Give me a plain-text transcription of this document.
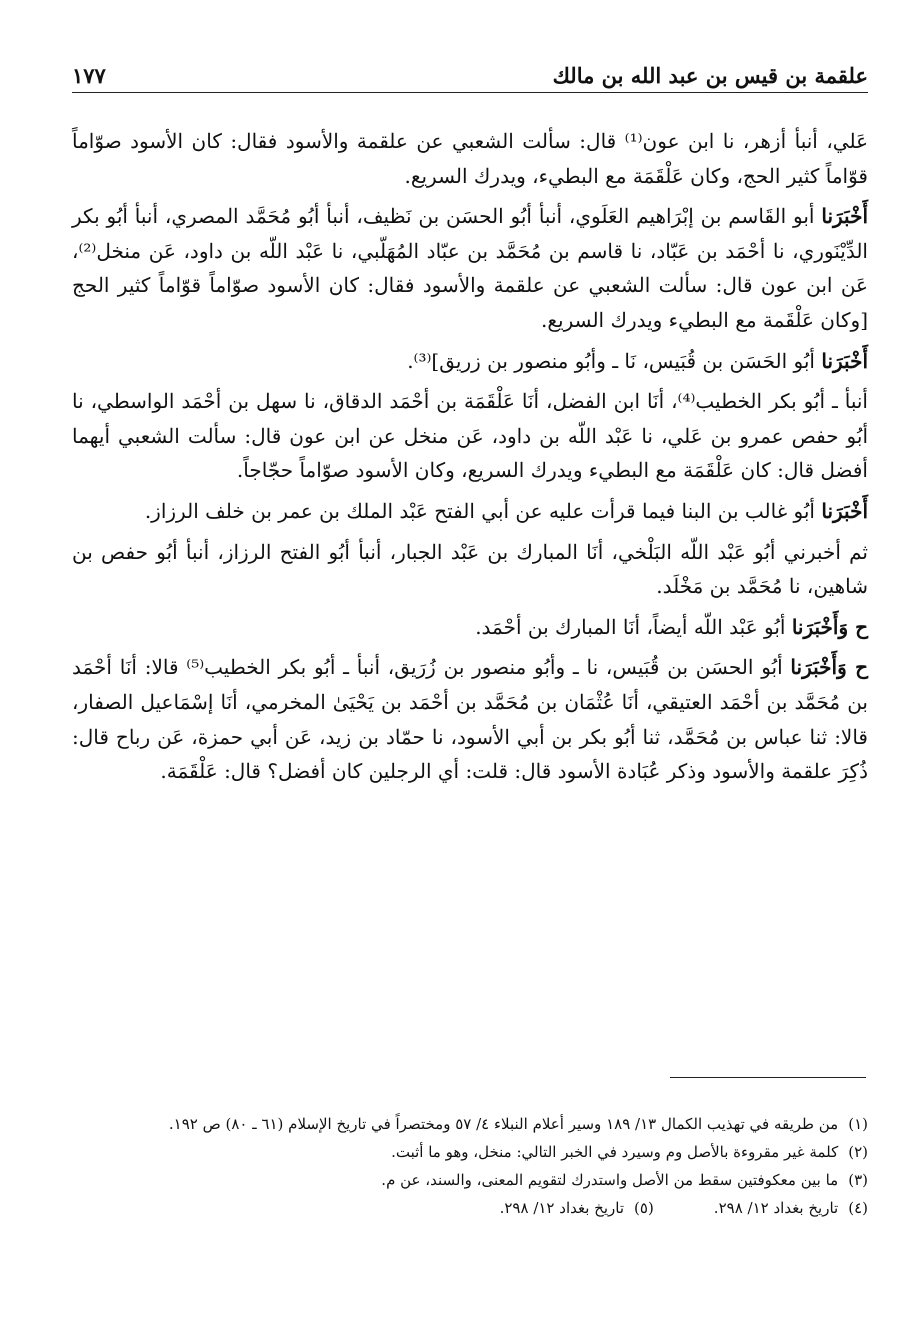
علقمة بن قيس بن عبد الله بن مالك
١٧٧

عَلي، أنبأ أزهر، نا ابن عون⁽¹⁾ قال: سألت الشعبي عن علقمة والأسود فقال: كان الأسود صوّاماً قوّاماً كثير الحج، وكان عَلْقَمَة مع البطيء، ويدرك السريع.

أَخْبَرَنا أبو القَاسم بن إبْرَاهيم العَلَوي، أنبأ أبُو الحسَن بن نَظيف، أنبأ أبُو مُحَمَّد المصري، أنبأ أبُو بكر الدِّيْنَوري، نا أحْمَد بن عَبّاد، نا قاسم بن مُحَمَّد بن عبّاد المُهَلّبي، نا عَبْد اللّه بن داود، عَن منخل⁽²⁾، عَن ابن عون قال: سألت الشعبي عن علقمة والأسود فقال: كان الأسود صوّاماً قوّاماً كثير الحج [وكان عَلْقَمة مع البطيء ويدرك السريع.

أَخْبَرَنا أبُو الحَسَن بن قُبَيس، نَا ـ وأبُو منصور بن زريق]⁽³⁾.

أنبأ ـ أبُو بكر الخطيب⁽⁴⁾، أنَا ابن الفضل، أنَا عَلْقَمَة بن أحْمَد الدقاق، نا سهل بن أحْمَد الواسطي، نا أبُو حفص عمرو بن عَلي، نا عَبْد اللّه بن داود، عَن منخل عن ابن عون قال: سألت الشعبي أيهما أفضل قال: كان عَلْقَمَة مع البطيء ويدرك السريع، وكان الأسود صوّاماً حجّاجاً.

أَخْبَرَنا أبُو غالب بن البنا فيما قرأت عليه عن أبي الفتح عَبْد الملك بن عمر بن خلف الرزاز.

ثم أخبرني أبُو عَبْد اللّه البَلْخي، أنَا المبارك بن عَبْد الجبار، أنبأ أبُو الفتح الرزاز، أنبأ أبُو حفص بن شاهين، نا مُحَمَّد بن مَخْلَد.

ح وَأَخْبَرَنا أبُو عَبْد اللّه أيضاً، أنَا المبارك بن أحْمَد.

ح وَأَخْبَرَنا أبُو الحسَن بن قُبَيس، نا ـ وأبُو منصور بن زُرَيق، أنبأ ـ أبُو بكر الخطيب⁽⁵⁾ قالا: أنَا أحْمَد بن مُحَمَّد بن أحْمَد العتيقي، أنَا عُثْمَان بن مُحَمَّد بن أحْمَد بن يَحْيَىٰ المخرمي، أنَا إسْمَاعيل الصفار، قالا: ثنا عباس بن مُحَمَّد، ثنا أبُو بكر بن أبي الأسود، نا حمّاد بن زيد، عَن أبي حمزة، عَن رباح قال: ذُكِرَ علقمة والأسود وذكر عُبَادة الأسود قال: قلت: أي الرجلين كان أفضل؟ قال: عَلْقَمَة.

(١)
من طريقه في تهذيب الكمال ١٣/ ١٨٩ وسير أعلام النبلاء ٤/ ٥٧ ومختصراً في تاريخ الإسلام (٦١ ـ ٨٠) ص ١٩٢.
(٢)
كلمة غير مقروءة بالأصل وم وسيرد في الخبر التالي: منخل، وهو ما أثبت.
(٣)
ما بين معكوفتين سقط من الأصل واستدرك لتقويم المعنى، والسند، عن م.
(٤)
تاريخ بغداد ١٢/ ٢٩٨.
(٥)
تاريخ بغداد ١٢/ ٢٩٨.
